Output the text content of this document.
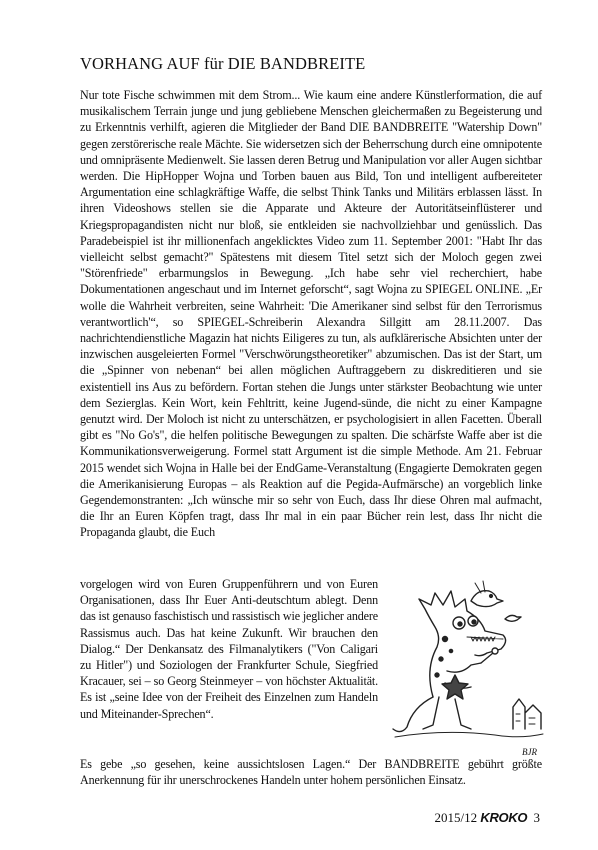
VORHANG AUF für DIE BANDBREITE

Nur tote Fische schwimmen mit dem Strom... Wie kaum eine andere Künstlerformation, die auf musikalischem Terrain junge und jung gebliebene Menschen gleichermaßen zu Begeisterung und zu Erkenntnis verhilft, agieren die Mitglieder der Band DIE BANDBREITE "Watership Down" gegen zerstörerische reale Mächte. Sie widersetzen sich der Beherrschung durch eine omnipotente und omnipräsente Medienwelt. Sie lassen deren Betrug und Manipulation vor aller Augen sichtbar werden. Die HipHopper Wojna und Torben bauen aus Bild, Ton und intelligent aufbereiteter Argumentation eine schlagkräftige Waffe, die selbst Think Tanks und Militärs erblassen lässt. In ihren Videoshows stellen sie die Apparate und Akteure der Autoritätseinflüsterer und Kriegspropagandisten nicht nur bloß, sie entkleiden sie nachvollziehbar und genüsslich. Das Paradebeispiel ist ihr millionenfach angeklicktes Video zum 11. September 2001: "Habt Ihr das vielleicht selbst gemacht?" Spätestens mit diesem Titel setzt sich der Moloch gegen zwei "Störenfriede" erbarmungslos in Bewegung. „Ich habe sehr viel recherchiert, habe Dokumentationen angeschaut und im Internet geforscht“, sagt Wojna zu SPIEGEL ONLINE. „Er wolle die Wahrheit verbreiten, seine Wahrheit: 'Die Amerikaner sind selbst für den Terrorismus verantwortlich'“, so SPIEGEL-Schreiberin Alexandra Sillgitt am 28.11.2007. Das nachrichtendienstliche Magazin hat nichts Eiligeres zu tun, als aufklärerische Absichten unter der inzwischen ausgeleierten Formel "Verschwörungstheoretiker" abzumischen. Das ist der Start, um die „Spinner von nebenan“ bei allen möglichen Auftraggebern zu diskreditieren und sie existentiell ins Aus zu befördern. Fortan stehen die Jungs unter stärkster Beobachtung wie unter dem Sezierglas. Kein Wort, kein Fehltritt, keine Jugend-sünde, die nicht zu einer Kampagne genutzt wird. Der Moloch ist nicht zu unterschätzen, er psychologisiert in allen Facetten. Überall gibt es "No Go's", die helfen politische Bewegungen zu spalten. Die schärfste Waffe aber ist die Kommunikationsverweigerung. Formel statt Argument ist die simple Methode. Am 21. Februar 2015 wendet sich Wojna in Halle bei der EndGame-Veranstaltung (Engagierte Demokraten gegen die Amerikanisierung Europas – als Reaktion auf die Pegida-Aufmärsche) an vorgeblich linke Gegendemonstranten: „Ich wünsche mir so sehr von Euch, dass Ihr diese Ohren mal aufmacht, die Ihr an Euren Köpfen tragt, dass Ihr mal in ein paar Bücher rein lest, dass Ihr nicht die Propaganda glaubt, die Euch

vorgelogen wird von Euren Gruppenführern und von Euren Organisationen, dass Ihr Euer Anti-deutschtum ablegt. Denn das ist genauso faschistisch und rassistisch wie jeglicher andere Rassismus auch. Das hat keine Zukunft. Wir brauchen den Dialog.“ Der Denkansatz des Filmanalytikers ("Von Caligari zu Hitler") und Soziologen der Frankfurter Schule, Siegfried Kracauer, sei – so Georg Steinmeyer – von höchster Aktualität. Es ist „seine Idee von der Freiheit des Einzelnen zum Handeln und Miteinander-Sprechen“.

BJR

Es gebe „so gesehen, keine aussichtslosen Lagen.“ Der BANDBREITE gebührt größte Anerkennung für ihr unerschrockenes Handeln unter hohem persönlichen Einsatz.

2015/12 KROKO 3
